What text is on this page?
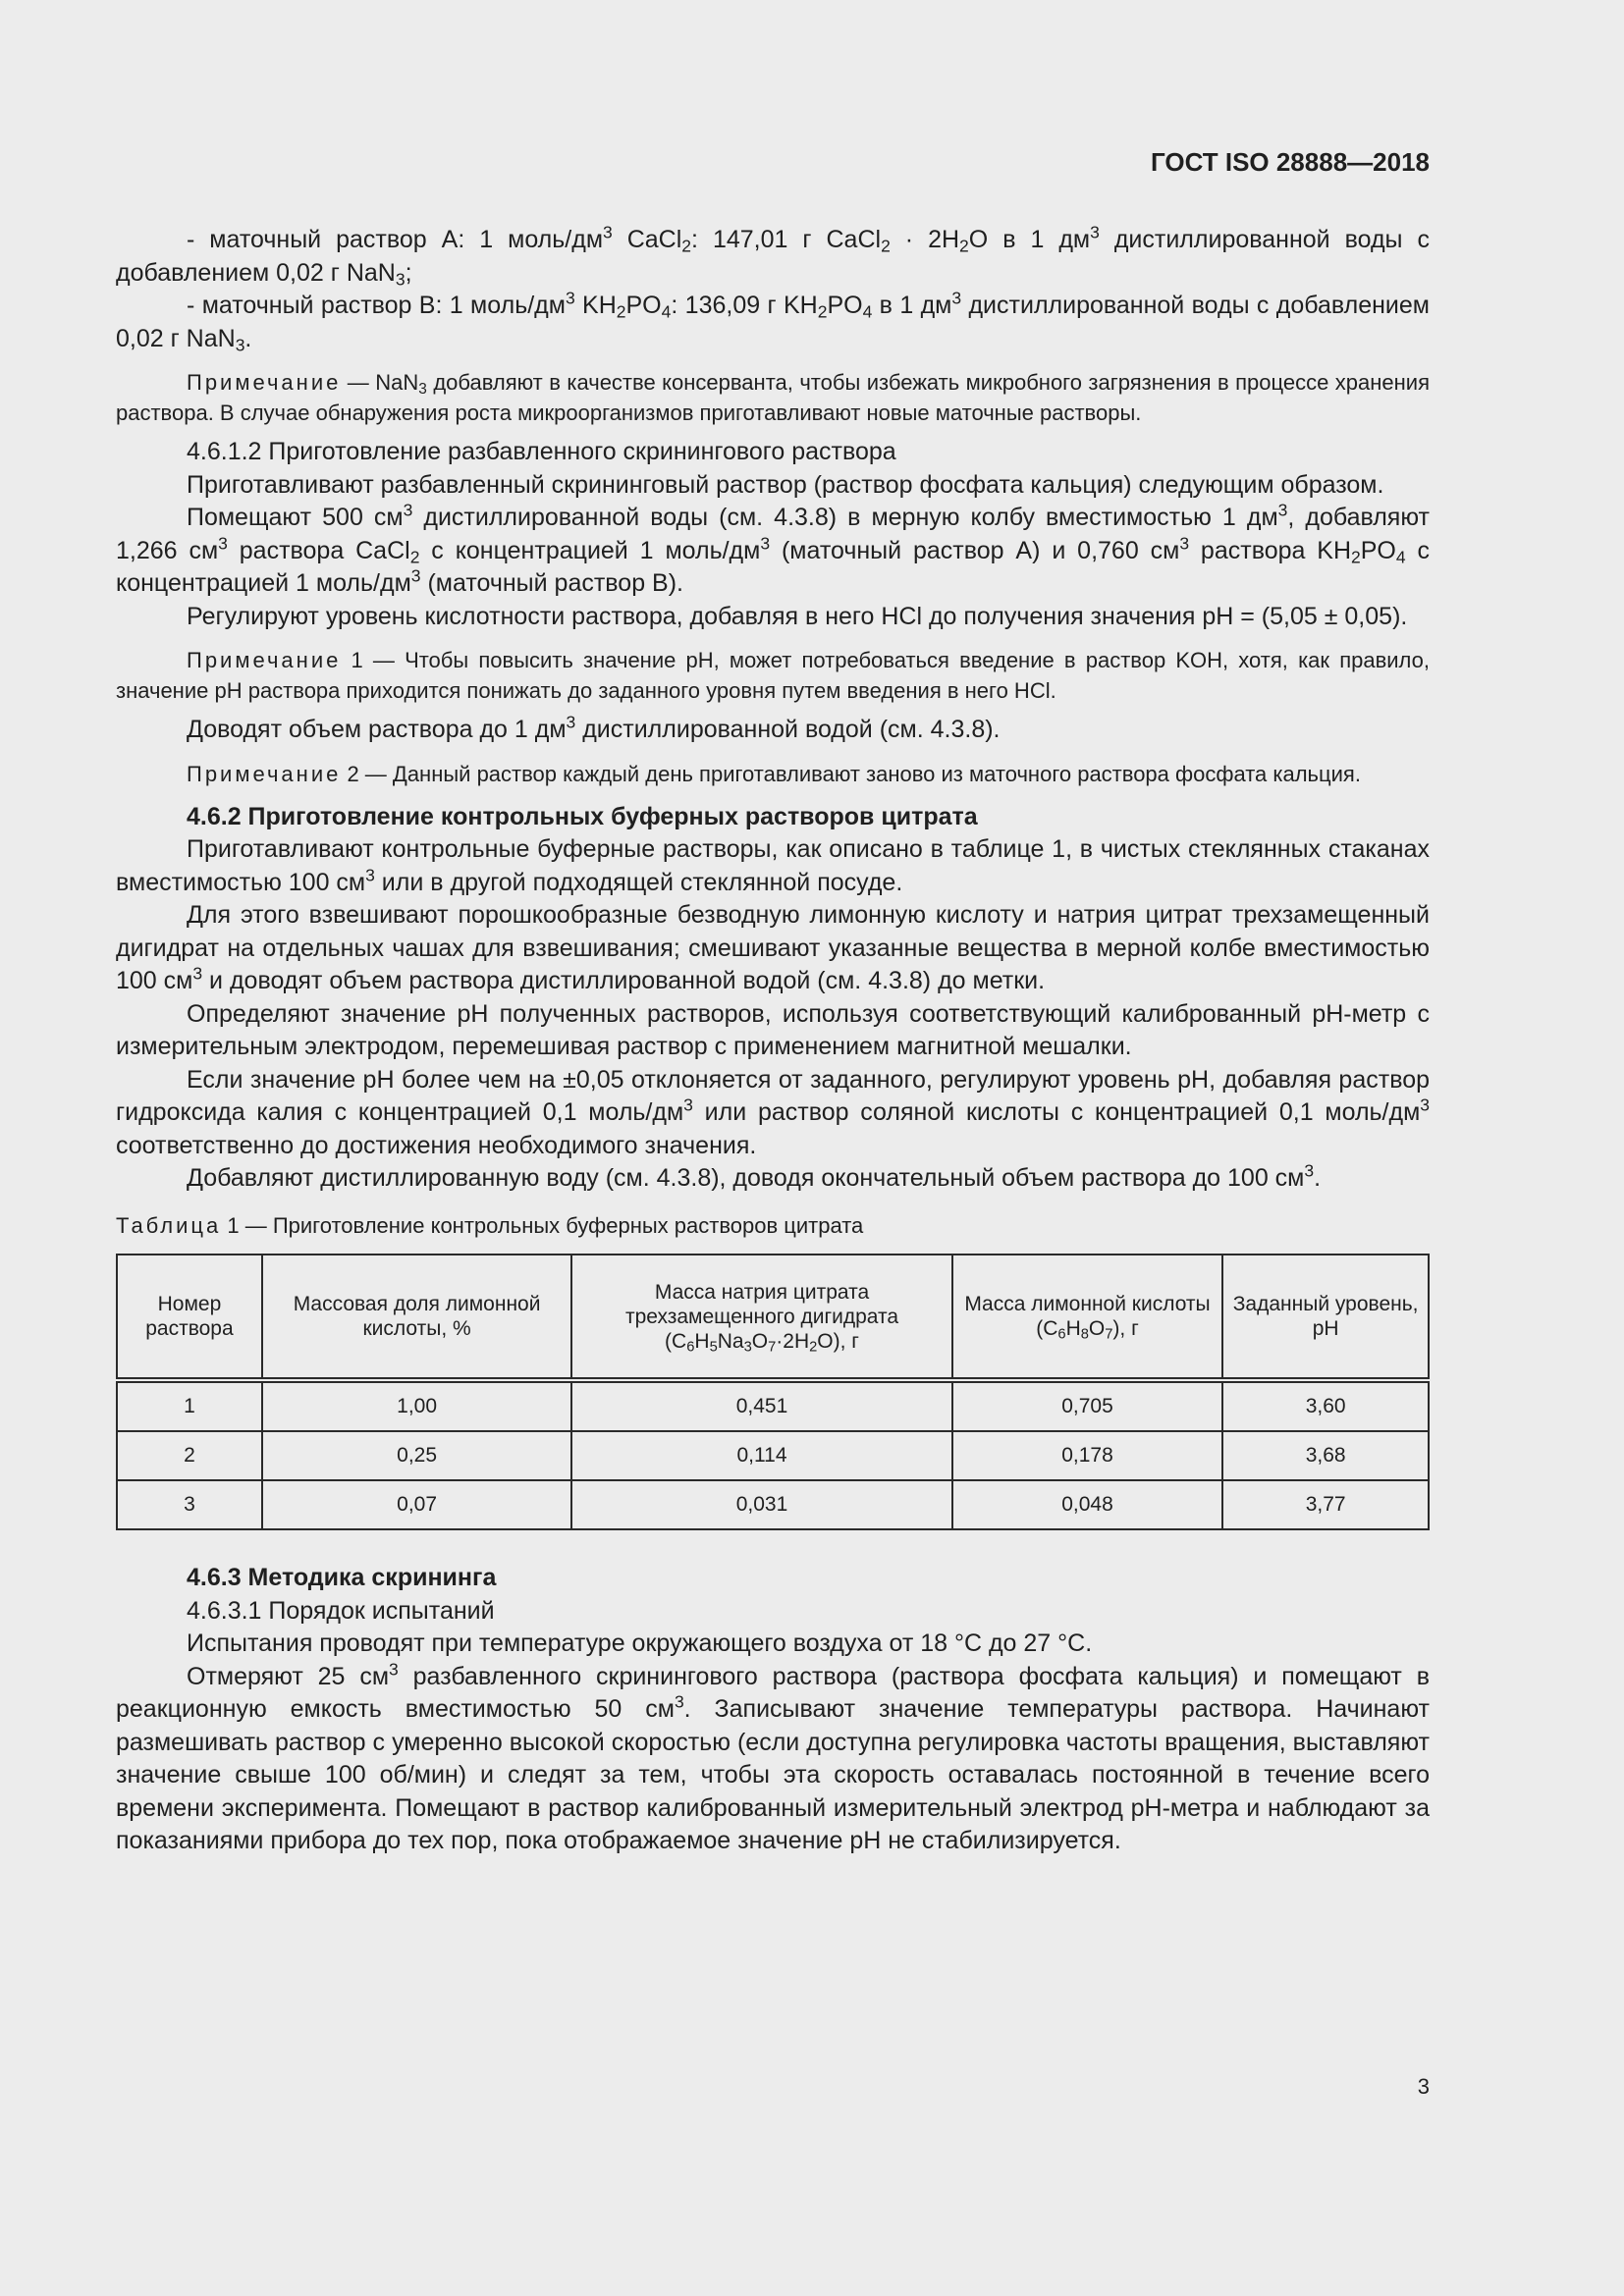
ГОСТ ISO 28888—2018

- маточный раствор А: 1 моль/$дм^3$ CaCl$_2$: 147,01 г CaCl$_2$ · $2H_2O$ в 1 $дм^3$ дистиллированной воды с добавлением 0,02 г NaN$_3$;

- маточный раствор В: 1 моль/$дм^3$ $KH_2PO_4$: 136,09 г $KH_2PO_4$ в 1 $дм^3$ дистиллированной воды с добавлением 0,02 г NaN$_3$.

Примечание — NaN$_3$ добавляют в качестве консерванта, чтобы избежать микробного загрязнения в процессе хранения раствора. В случае обнаружения роста микроорганизмов приготавливают новые маточные растворы.

4.6.1.2 Приготовление разбавленного скринингового раствора

Приготавливают разбавленный скрининговый раствор (раствор фосфата кальция) следующим образом.

Помещают 500 $см^3$ дистиллированной воды (см. 4.3.8) в мерную колбу вместимостью 1 $дм^3$, добавляют 1,266 $см^3$ раствора CaCl$_2$ с концентрацией 1 моль/$дм^3$ (маточный раствор А) и 0,760 $см^3$ раствора $KH_2PO_4$ с концентрацией 1 моль/$дм^3$ (маточный раствор В).

Регулируют уровень кислотности раствора, добавляя в него HCl до получения значения pH = (5,05 ± 0,05).

Примечание 1 — Чтобы повысить значение pH, может потребоваться введение в раствор KOH, хотя, как правило, значение pH раствора приходится понижать до заданного уровня путем введения в него HCl.

Доводят объем раствора до 1 $дм^3$ дистиллированной водой (см. 4.3.8).

Примечание 2 — Данный раствор каждый день приготавливают заново из маточного раствора фосфата кальция.

4.6.2 Приготовление контрольных буферных растворов цитрата

Приготавливают контрольные буферные растворы, как описано в таблице 1, в чистых стеклянных стаканах вместимостью 100 $см^3$ или в другой подходящей стеклянной посуде.

Для этого взвешивают порошкообразные безводную лимонную кислоту и натрия цитрат трехзамещенный дигидрат на отдельных чашах для взвешивания; смешивают указанные вещества в мерной колбе вместимостью 100 $см^3$ и доводят объем раствора дистиллированной водой (см. 4.3.8) до метки.

Определяют значение pH полученных растворов, используя соответствующий калиброванный pH-метр с измерительным электродом, перемешивая раствор с применением магнитной мешалки.

Если значение pH более чем на ±0,05 отклоняется от заданного, регулируют уровень pH, добавляя раствор гидроксида калия с концентрацией 0,1 моль/$дм^3$ или раствор соляной кислоты с концентрацией 0,1 моль/$дм^3$ соответственно до достижения необходимого значения.

Добавляют дистиллированную воду (см. 4.3.8), доводя окончательный объем раствора до 100 $см^3$.

Таблица 1 — Приготовление контрольных буферных растворов цитрата
Номер раствора	Массовая доля лимонной кислоты, %	Масса натрия цитрата трехзамещенного дигидрата
$(C_6H_5Na_3O_7\cdot 2H_2O)$, г	Масса лимонной кислоты $(C_6H_8O_7)$, г	Заданный уровень, pH
1	1,00	0,451	0,705	3,60
2	0,25	0,114	0,178	3,68
3	0,07	0,031	0,048	3,77

4.6.3 Методика скрининга

4.6.3.1 Порядок испытаний

Испытания проводят при температуре окружающего воздуха от 18 °С до 27 °С.

Отмеряют 25 $см^3$ разбавленного скринингового раствора (раствора фосфата кальция) и помещают в реакционную емкость вместимостью 50 $см^3$. Записывают значение температуры раствора. Начинают размешивать раствор с умеренно высокой скоростью (если доступна регулировка частоты вращения, выставляют значение свыше 100 об/мин) и следят за тем, чтобы эта скорость оставалась постоянной в течение всего времени эксперимента. Помещают в раствор калиброванный измерительный электрод pH-метра и наблюдают за показаниями прибора до тех пор, пока отображаемое значение pH не стабилизируется.

3
